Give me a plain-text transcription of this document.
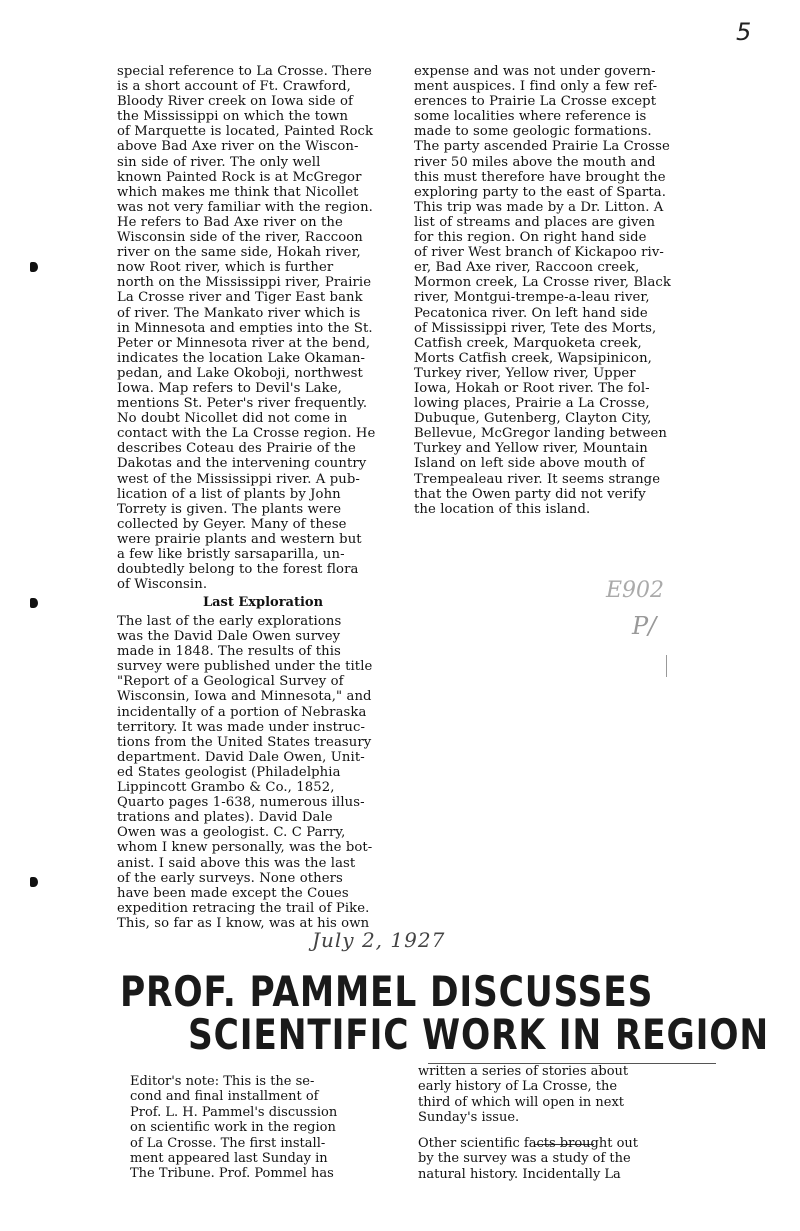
5
special reference to La Crosse. There
is a short account of Ft. Crawford,
Bloody River creek on Iowa side of
the Mississippi on which the town
of Marquette is located, Painted Rock
above Bad Axe river on the Wiscon-
sin side of river. The only well
known Painted Rock is at McGregor
which makes me think that Nicollet
was not very familiar with the region.
He refers to Bad Axe river on the
Wisconsin side of the river, Raccoon
river on the same side, Hokah river,
now Root river, which is further
north on the Mississippi river, Prairie
La Crosse river and Tiger East bank
of river. The Mankato river which is
in Minnesota and empties into the St.
Peter or Minnesota river at the bend,
indicates the location Lake Okaman-
pedan, and Lake Okoboji, northwest
Iowa. Map refers to Devil's Lake,
mentions St. Peter's river frequently.
No doubt Nicollet did not come in
contact with the La Crosse region. He
describes Coteau des Prairie of the
Dakotas and the intervening country
west of the Mississippi river. A pub-
lication of a list of plants by John
Torrety is given. The plants were
collected by Geyer. Many of these
were prairie plants and western but
a few like bristly sarsaparilla, un-
doubtedly belong to the forest flora
of Wisconsin.
Last Exploration
The last of the early explorations
was the David Dale Owen survey
made in 1848. The results of this
survey were published under the title
"Report of a Geological Survey of
Wisconsin, Iowa and Minnesota," and
incidentally of a portion of Nebraska
territory. It was made under instruc-
tions from the United States treasury
department. David Dale Owen, Unit-
ed States geologist (Philadelphia
Lippincott Grambo & Co., 1852,
Quarto pages 1-638, numerous illus-
trations and plates). David Dale
Owen was a geologist. C. C Parry,
whom I knew personally, was the bot-
anist. I said above this was the last
of the early surveys. None others
have been made except the Coues
expedition retracing the trail of Pike.
This, so far as I know, was at his own
expense and was not under govern-
ment auspices. I find only a few ref-
erences to Prairie La Crosse except
some localities where reference is
made to some geologic formations.
The party ascended Prairie La Crosse
river 50 miles above the mouth and
this must therefore have brought the
exploring party to the east of Sparta.
This trip was made by a Dr. Litton. A
list of streams and places are given
for this region. On right hand side
of river West branch of Kickapoo riv-
er, Bad Axe river, Raccoon creek,
Mormon creek, La Crosse river, Black
river, Montgui-trempe-a-leau river,
Pecatonica river. On left hand side
of Mississippi river, Tete des Morts,
Catfish creek, Marquoketa creek,
Morts Catfish creek, Wapsipinicon,
Turkey river, Yellow river, Upper
Iowa, Hokah or Root river. The fol-
lowing places, Prairie a La Crosse,
Dubuque, Gutenberg, Clayton City,
Bellevue, McGregor landing between
Turkey and Yellow river, Mountain
Island on left side above mouth of
Trempealeau river. It seems strange
that the Owen party did not verify
the location of this island.
E902
P/
July 2, 1927
PROF. PAMMEL DISCUSSES
SCIENTIFIC WORK IN REGION
Editor's note: This is the se-
cond and final installment of
Prof. L. H. Pammel's discussion
on scientific work in the region
of La Crosse. The first install-
ment appeared last Sunday in
The Tribune. Prof. Pommel has
written a series of stories about
early history of La Crosse, the
third of which will open in next
Sunday's issue.
Other scientific facts brought out
by the survey was a study of the
natural history. Incidentally La
